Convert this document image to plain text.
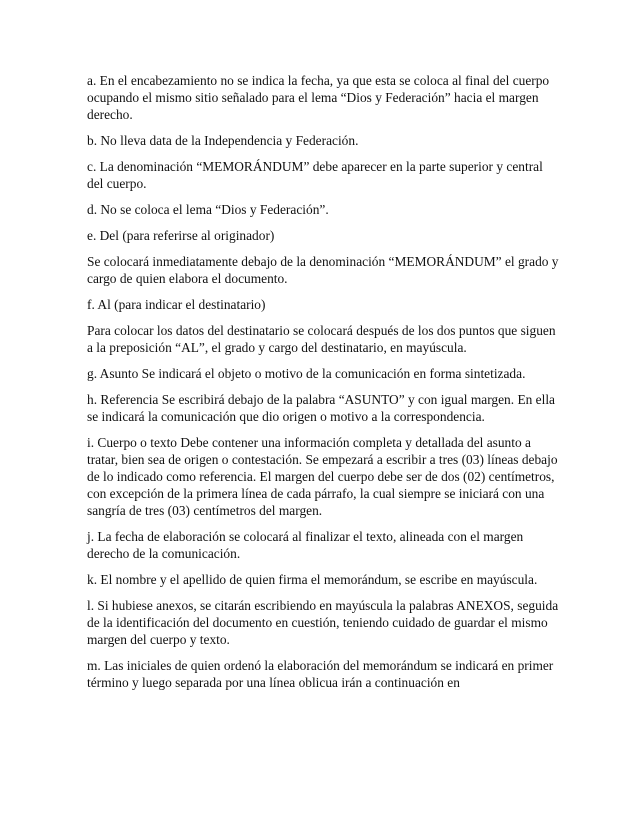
a. En el encabezamiento no se indica la fecha, ya que esta se coloca al final del cuerpo ocupando el mismo sitio señalado para el lema “Dios y Federación” hacia el margen derecho.

b. No lleva data de la Independencia y Federación.

c. La denominación “MEMORÁNDUM” debe aparecer en la parte superior y central del cuerpo.

d. No se coloca el lema “Dios y Federación”.

e. Del (para referirse al originador)

Se colocará inmediatamente debajo de la denominación “MEMORÁNDUM” el grado y cargo de quien elabora el documento.

f. Al (para indicar el destinatario)

Para colocar los datos del destinatario se colocará después de los dos puntos que siguen a la preposición “AL”, el grado y cargo del destinatario, en mayúscula.

g. Asunto Se indicará el objeto o motivo de la comunicación en forma sintetizada.

h. Referencia Se escribirá debajo de la palabra “ASUNTO” y con igual margen. En ella se indicará la comunicación que dio origen o motivo a la correspondencia.

i. Cuerpo o texto Debe contener una información completa y detallada del asunto a tratar, bien sea de origen o contestación. Se empezará a escribir a tres (03) líneas debajo de lo indicado como referencia. El margen del cuerpo debe ser de dos (02) centímetros, con excepción de la primera línea de cada párrafo, la cual siempre se iniciará con una sangría de tres (03) centímetros del margen.

j. La fecha de elaboración se colocará al finalizar el texto, alineada con el margen derecho de la comunicación.

k. El nombre y el apellido de quien firma el memorándum, se escribe en mayúscula.

l. Si hubiese anexos, se citarán escribiendo en mayúscula la palabras ANEXOS, seguida de la identificación del documento en cuestión, teniendo cuidado de guardar el mismo margen del cuerpo y texto.

m. Las iniciales de quien ordenó la elaboración del memorándum se indicará en primer término y luego separada por una línea oblicua irán a continuación en
